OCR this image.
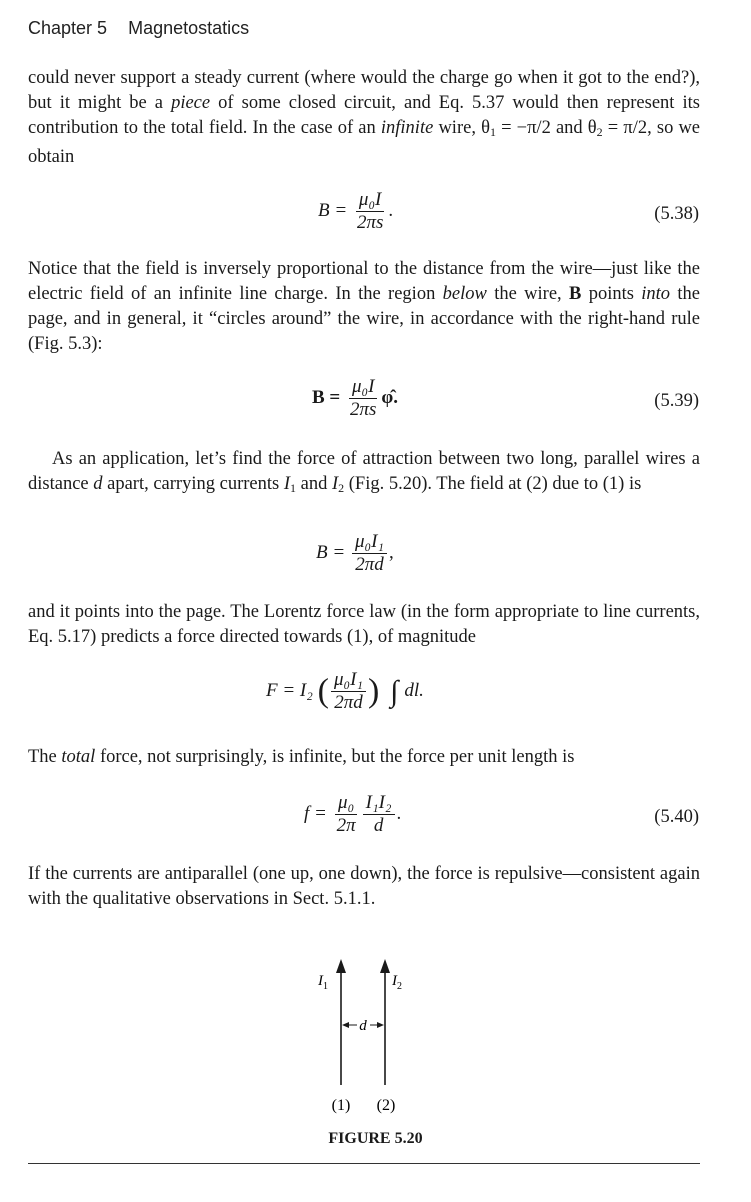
Chapter 5 Magnetostatics
could never support a steady current (where would the charge go when it got to the end?), but it might be a piece of some closed circuit, and Eq. 5.37 would then represent its contribution to the total field. In the case of an infinite wire, $\theta_1 = -\pi/2$ and $\theta_2 = \pi/2$, so we obtain
$B = \frac{\text{μ₀I}}{2\pi s}$ .	(5.38)
Notice that the field is inversely proportional to the distance from the wire—just like the electric field of an infinite line charge. In the region below the wire, B points into the page, and in general, it “circles around” the wire, in accordance with the right-hand rule (Fig. 5.3):
$B = \frac{\text{μ₀I}}{2\pi s}$ φ̂.	(5.39)
As an application, let’s find the force of attraction between two long, parallel wires a distance d apart, carrying currents $I_1$ and $I_2$ (Fig. 5.20). The field at (2) due to (1) is
$B = \frac{\text{μ₀I₁}}{2\pi d}$ ,
and it points into the page. The Lorentz force law (in the form appropriate to line currents, Eq. 5.17) predicts a force directed towards (1), of magnitude
F = I₂ ( $\frac{\text{μ₀I₁}}{2\pi d}$ ) ∫ dl.
The total force, not surprisingly, is infinite, but the force per unit length is
$f = \frac{\text{μ₀}}{2\pi} \frac{\text{I₁I₂}}{d}$ .	(5.40)
If the currents are antiparallel (one up, one down), the force is repulsive—consistent again with the qualitative observations in Sect. 5.1.1.
d
$I_1$	$I_2$
(1) (2)
FIGURE 5.20
